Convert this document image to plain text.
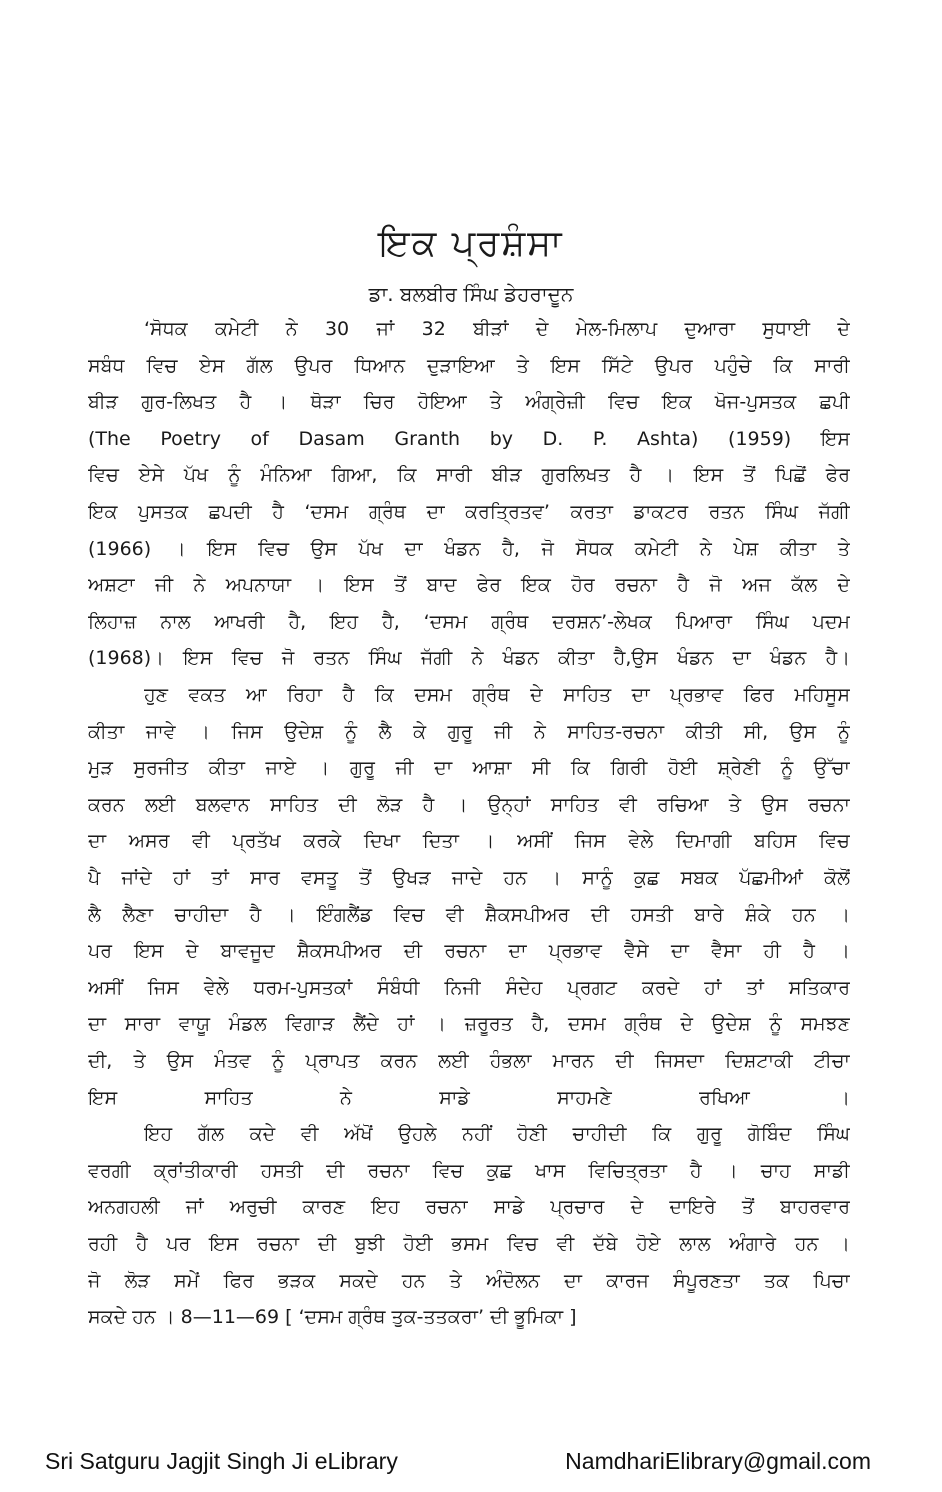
ਇਕ ਪ੍ਰਸ਼ੰਸਾ
ਡਾ. ਬਲਬੀਰ ਸਿੰਘ ਡੇਹਰਾਦੂਨ
‘ਸੋਧਕ ਕਮੇਟੀ ਨੇ 30 ਜਾਂ 32 ਬੀੜਾਂ ਦੇ ਮੇਲ-ਮਿਲਾਪ ਦੁਆਰਾ ਸੁਧਾਈ ਦੇ
ਸਬੰਧ ਵਿਚ ਏਸ ਗੱਲ ਉਪਰ ਧਿਆਨ ਦੁੜਾਇਆ ਤੇ ਇਸ ਸਿੱਟੇ ਉਪਰ ਪਹੁੰਚੇ ਕਿ ਸਾਰੀ
ਬੀੜ ਗੁਰ-ਲਿਖਤ ਹੈ । ਥੋੜਾ ਚਿਰ ਹੋਇਆ ਤੇ ਅੰਗ੍ਰੇਜ਼ੀ ਵਿਚ ਇਕ ਖੋਜ-ਪੁਸਤਕ ਛਪੀ
(The Poetry of Dasam Granth by D. P. Ashta) (1959) ਇਸ
ਵਿਚ ਏਸੇ ਪੱਖ ਨੂੰ ਮੰਨਿਆ ਗਿਆ, ਕਿ ਸਾਰੀ ਬੀੜ ਗੁਰਲਿਖਤ ਹੈ । ਇਸ ਤੋਂ ਪਿਛੋਂ ਫੇਰ
ਇਕ ਪੁਸਤਕ ਛਪਦੀ ਹੈ ‘ਦਸਮ ਗ੍ਰੰਥ ਦਾ ਕਰਤ੍ਰਿਤਵ’ ਕਰਤਾ ਡਾਕਟਰ ਰਤਨ ਸਿੰਘ ਜੱਗੀ
(1966) । ਇਸ ਵਿਚ ਉਸ ਪੱਖ ਦਾ ਖੰਡਨ ਹੈ, ਜੋ ਸੋਧਕ ਕਮੇਟੀ ਨੇ ਪੇਸ਼ ਕੀਤਾ ਤੇ
ਅਸ਼ਟਾ ਜੀ ਨੇ ਅਪਨਾਯਾ । ਇਸ ਤੋਂ ਬਾਦ ਫੇਰ ਇਕ ਹੋਰ ਰਚਨਾ ਹੈ ਜੋ ਅਜ ਕੱਲ ਦੇ
ਲਿਹਾਜ਼ ਨਾਲ ਆਖਰੀ ਹੈ, ਇਹ ਹੈ, ‘ਦਸਮ ਗ੍ਰੰਥ ਦਰਸ਼ਨ’-ਲੇਖਕ ਪਿਆਰਾ ਸਿੰਘ ਪਦਮ
(1968)। ਇਸ ਵਿਚ ਜੋ ਰਤਨ ਸਿੰਘ ਜੱਗੀ ਨੇ ਖੰਡਨ ਕੀਤਾ ਹੈ,ਉਸ ਖੰਡਨ ਦਾ ਖੰਡਨ ਹੈ।
ਹੁਣ ਵਕਤ ਆ ਰਿਹਾ ਹੈ ਕਿ ਦਸਮ ਗ੍ਰੰਥ ਦੇ ਸਾਹਿਤ ਦਾ ਪ੍ਰਭਾਵ ਫਿਰ ਮਹਿਸੂਸ
ਕੀਤਾ ਜਾਵੇ । ਜਿਸ ਉਦੇਸ਼ ਨੂੰ ਲੈ ਕੇ ਗੁਰੂ ਜੀ ਨੇ ਸਾਹਿਤ-ਰਚਨਾ ਕੀਤੀ ਸੀ, ਉਸ ਨੂੰ
ਮੁੜ ਸੁਰਜੀਤ ਕੀਤਾ ਜਾਏ । ਗੁਰੂ ਜੀ ਦਾ ਆਸ਼ਾ ਸੀ ਕਿ ਗਿਰੀ ਹੋਈ ਸ਼੍ਰੇਣੀ ਨੂੰ ਉੱਚਾ
ਕਰਨ ਲਈ ਬਲਵਾਨ ਸਾਹਿਤ ਦੀ ਲੋੜ ਹੈ । ਉਨ੍ਹਾਂ ਸਾਹਿਤ ਵੀ ਰਚਿਆ ਤੇ ਉਸ ਰਚਨਾ
ਦਾ ਅਸਰ ਵੀ ਪ੍ਰਤੱਖ ਕਰਕੇ ਦਿਖਾ ਦਿਤਾ । ਅਸੀਂ ਜਿਸ ਵੇਲੇ ਦਿਮਾਗੀ ਬਹਿਸ ਵਿਚ
ਪੈ ਜਾਂਦੇ ਹਾਂ ਤਾਂ ਸਾਰ ਵਸਤੂ ਤੋਂ ਉਖੜ ਜਾਦੇ ਹਨ । ਸਾਨੂੰ ਕੁਛ ਸਬਕ ਪੱਛਮੀਆਂ ਕੋਲੋਂ
ਲੈ ਲੈਣਾ ਚਾਹੀਦਾ ਹੈ । ਇੰਗਲੈਂਡ ਵਿਚ ਵੀ ਸ਼ੈਕਸਪੀਅਰ ਦੀ ਹਸਤੀ ਬਾਰੇ ਸ਼ੰਕੇ ਹਨ ।
ਪਰ ਇਸ ਦੇ ਬਾਵਜੂਦ ਸ਼ੈਕਸਪੀਅਰ ਦੀ ਰਚਨਾ ਦਾ ਪ੍ਰਭਾਵ ਵੈਸੇ ਦਾ ਵੈਸਾ ਹੀ ਹੈ ।
ਅਸੀਂ ਜਿਸ ਵੇਲੇ ਧਰਮ-ਪੁਸਤਕਾਂ ਸੰਬੰਧੀ ਨਿਜੀ ਸੰਦੇਹ ਪ੍ਰਗਟ ਕਰਦੇ ਹਾਂ ਤਾਂ ਸਤਿਕਾਰ
ਦਾ ਸਾਰਾ ਵਾਯੂ ਮੰਡਲ ਵਿਗਾੜ ਲੈਂਦੇ ਹਾਂ । ਜ਼ਰੂਰਤ ਹੈ, ਦਸਮ ਗ੍ਰੰਥ ਦੇ ਉਦੇਸ਼ ਨੂੰ ਸਮਝਣ
ਦੀ, ਤੇ ਉਸ ਮੰਤਵ ਨੂੰ ਪ੍ਰਾਪਤ ਕਰਨ ਲਈ ਹੰਭਲਾ ਮਾਰਨ ਦੀ ਜਿਸਦਾ ਦਿਸ਼ਟਾਕੀ ਟੀਚਾ
ਇਸ ਸਾਹਿਤ ਨੇ ਸਾਡੇ ਸਾਹਮਣੇ ਰਖਿਆ ।
ਇਹ ਗੱਲ ਕਦੇ ਵੀ ਅੱਖੋਂ ਉਹਲੇ ਨਹੀਂ ਹੋਣੀ ਚਾਹੀਦੀ ਕਿ ਗੁਰੂ ਗੋਬਿੰਦ ਸਿੰਘ
ਵਰਗੀ ਕ੍ਰਾਂਤੀਕਾਰੀ ਹਸਤੀ ਦੀ ਰਚਨਾ ਵਿਚ ਕੁਛ ਖਾਸ ਵਿਚਿਤ੍ਰਤਾ ਹੈ । ਚਾਹ ਸਾਡੀ
ਅਨਗਹਲੀ ਜਾਂ ਅਰੁਚੀ ਕਾਰਣ ਇਹ ਰਚਨਾ ਸਾਡੇ ਪ੍ਰਚਾਰ ਦੇ ਦਾਇਰੇ ਤੋਂ ਬਾਹਰਵਾਰ
ਰਹੀ ਹੈ ਪਰ ਇਸ ਰਚਨਾ ਦੀ ਬੁਝੀ ਹੋਈ ਭਸਮ ਵਿਚ ਵੀ ਦੱਬੇ ਹੋਏ ਲਾਲ ਅੰਗਾਰੇ ਹਨ ।
ਜੋ ਲੋੜ ਸਮੇਂ ਫਿਰ ਭੜਕ ਸਕਦੇ ਹਨ ਤੇ ਅੰਦੋਲਨ ਦਾ ਕਾਰਜ ਸੰਪੂਰਣਤਾ ਤਕ ਪਿਚਾ
ਸਕਦੇ ਹਨ । 8—11—69 [ ‘ਦਸਮ ਗ੍ਰੰਥ ਤੁਕ-ਤਤਕਰਾ’ ਦੀ ਭੂਮਿਕਾ ]
Sri Satguru Jagjit Singh Ji eLibrary	NamdhariElibrary@gmail.com
